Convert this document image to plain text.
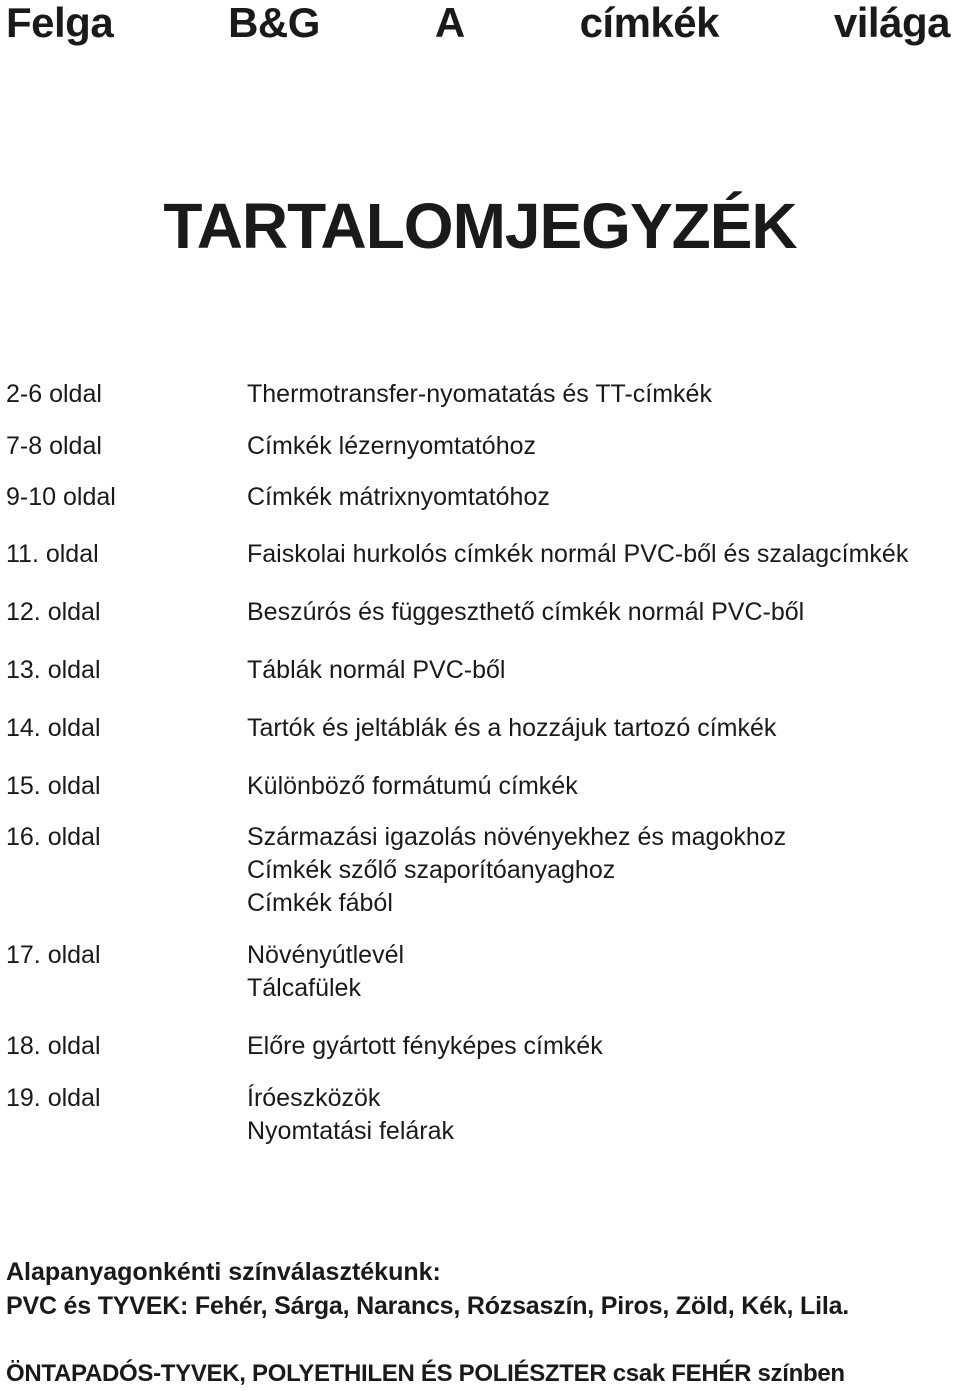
Felga	B&G	A	címkék	világa
TARTALOMJEGYZÉK
2-6 oldal	Thermotransfer-nyomatatás és TT-címkék
7-8 oldal	Címkék lézernyomtatóhoz
9-10 oldal	Címkék mátrixnyomtatóhoz
11. oldal	Faiskolai hurkolós címkék normál PVC-ből és szalagcímkék
12. oldal	Beszúrós és függeszthető címkék normál PVC-ből
13. oldal	Táblák normál PVC-ből
14. oldal	Tartók és jeltáblák és a hozzájuk tartozó címkék
15. oldal	Különböző formátumú címkék
16. oldal	Származási igazolás növényekhez és magokhoz
Címkék szőlő szaporítóanyaghoz
Címkék fából
17. oldal	Növényútlevél
Tálcafülek
18. oldal	Előre gyártott fényképes címkék
19. oldal	Íróeszközök
Nyomtatási felárak
Alapanyagonkénti színválasztékunk:
PVC és TYVEK: Fehér, Sárga, Narancs, Rózsaszín, Piros, Zöld, Kék, Lila.
ÖNTAPADÓS-TYVEK, POLYETHILEN ÉS POLIÉSZTER csak FEHÉR színben
